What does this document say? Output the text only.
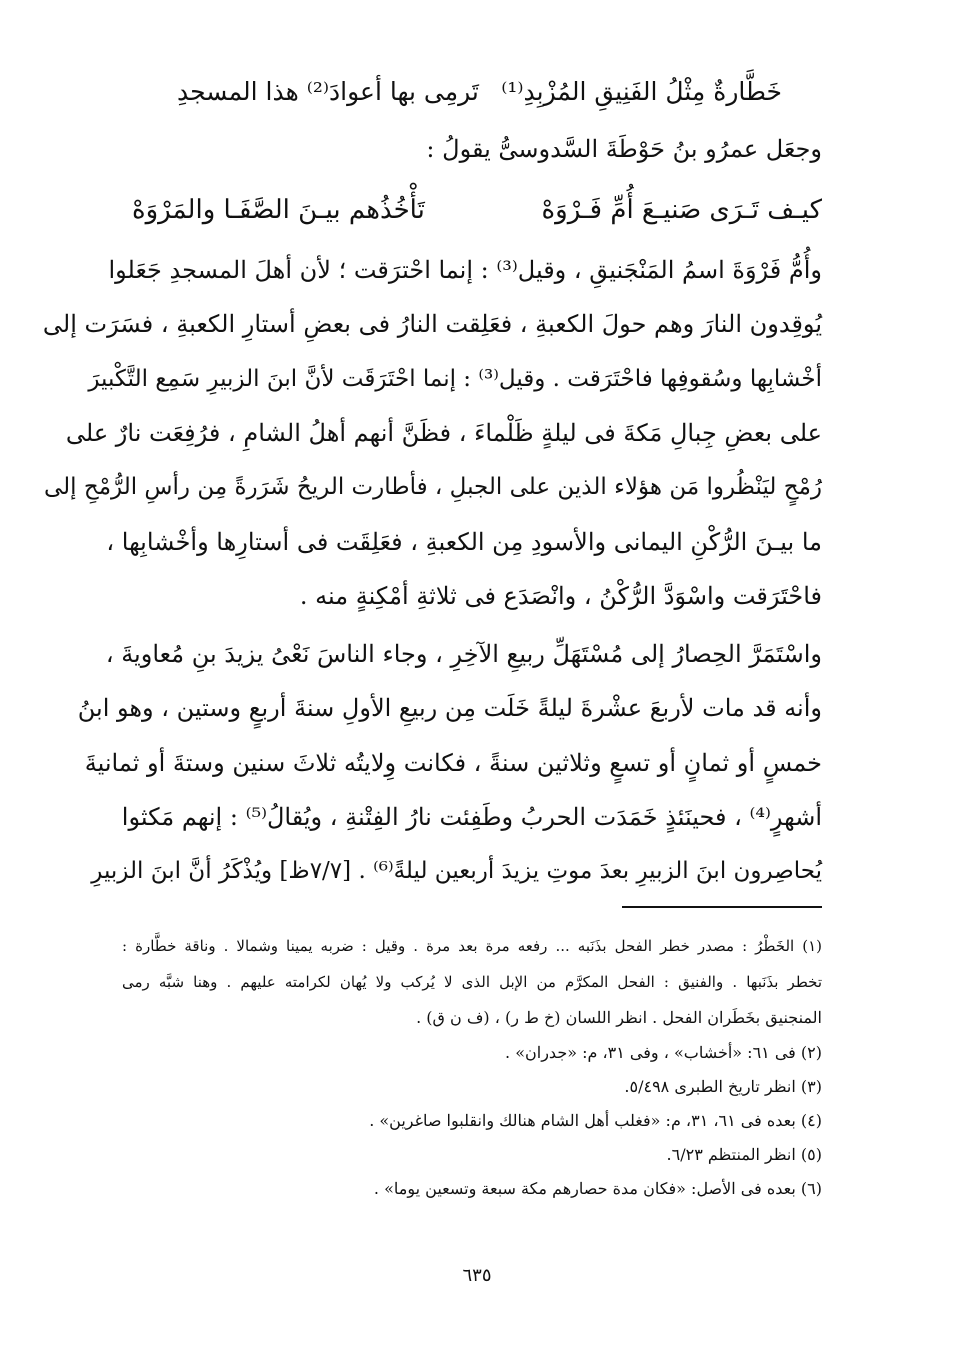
خَطَّارةٌ مِثْلُ الفَنِيقِ المُزْبِدِ⁽¹⁾
تَرمِى بها أعوادَ⁽²⁾ هذا المسجدِ
وجعَل عمرُو بنُ حَوْطَةَ السَّدوسىُّ يقولُ :
كيـف تَـرَى صَنيـعَ أُمِّ فَـرْوَهْ
تَأْخُذُهم بيـنَ الصَّفَـا والمَرْوَهْ
وأُمُّ فَرْوَةَ اسمُ المَنْجَنيقِ ، وقيل⁽³⁾ : إنما احْترَقت ؛ لأن أهلَ المسجدِ جَعَلوا
يُوقِدون النارَ وهم حولَ الكعبةِ ، فعَلِقت النارُ فى بعضِ أستارِ الكعبةِ ، فسَرَت إلى
أخْشابِها وسُقوفِها فاحْتَرَقت . وقيل⁽³⁾ : إنما احْتَرَقَت لأنَّ ابنَ الزبيرِ سَمِع التَّكْبيرَ
على بعضِ جِبالِ مَكةَ فى ليلةٍ ظَلْماءَ ، فظَنَّ أنهم أهلُ الشامِ ، فرُفِعَت نارٌ على
رُمْحٍ ليَنْظُروا مَن هؤلاء الذين على الجبلِ ، فأطارت الريحُ شَرَرةً مِن رأسِ الرُّمْحِ إلى
ما بيـنَ الرُّكْنِ اليمانى والأسودِ مِن الكعبةِ ، فعَلِقَت فى أستارِها وأخْشابِها ،
فاحْتَرَقت واسْوَدَّ الرُّكْنُ ، وانْصَدَع فى ثلاثةِ أمْكِنةٍ منه .
واسْتَمَرَّ الحِصارُ إلى مُسْتَهَلِّ ربيعِ الآخِرِ ، وجاء الناسَ نَعْىُ يزيدَ بنِ مُعاويةَ ،
وأنه قد مات لأربعَ عشْرةَ ليلةً خَلَت مِن ربيعِ الأولِ سنةَ أربعٍ وستين ، وهو ابنُ
خمسٍ أو ثمانٍ أو تسعٍ وثلاثين سنةً ، فكانت وِلايتُه ثلاثَ سنين وستةَ أو ثمانيةَ
أشهرٍ⁽⁴⁾ ، فحينَئذٍ خَمَدَت الحربُ وطَفِئت نارُ الفِتْنةِ ، ويُقالُ⁽⁵⁾ : إنهم مَكثوا
يُحاصِرون ابنَ الزبيرِ بعدَ موتِ يزيدَ أربعين ليلةً⁽⁶⁾ . [٧/٧ظ] ويُذْكَرُ أنَّ ابنَ الزبيرِ
(١) الخَطْرُ : مصدر خطر الفحل بذَنَبه ... رفعه مرة بعد مرة . وقيل : ضربه يمينا وشمالا . وناقة خطَّارة :
تخطر بذَنَبها . والفنيق : الفحل المكرَّم من الإبل الذى لا يُركب ولا يُهان لكرامته عليهم . وهنا شبَّه رمى
المنجنيق بخَطَران الفحل . انظر اللسان (خ ط ر) ، (ف ن ق) .
(٢) فى ٦١: «أخشاب» ، وفى ٣١، م: «جدران» .
(٣) انظر تاريخ الطبرى ٥/٤٩٨.
(٤) بعده فى ٦١، ٣١، م: «فغلب أهل الشام هنالك وانقلبوا صاغرين» .
(٥) انظر المنتظم ٦/٢٣.
(٦) بعده فى الأصل: «فكان مدة حصارهم مكة سبعة وتسعين يوما» .
٦٣٥
